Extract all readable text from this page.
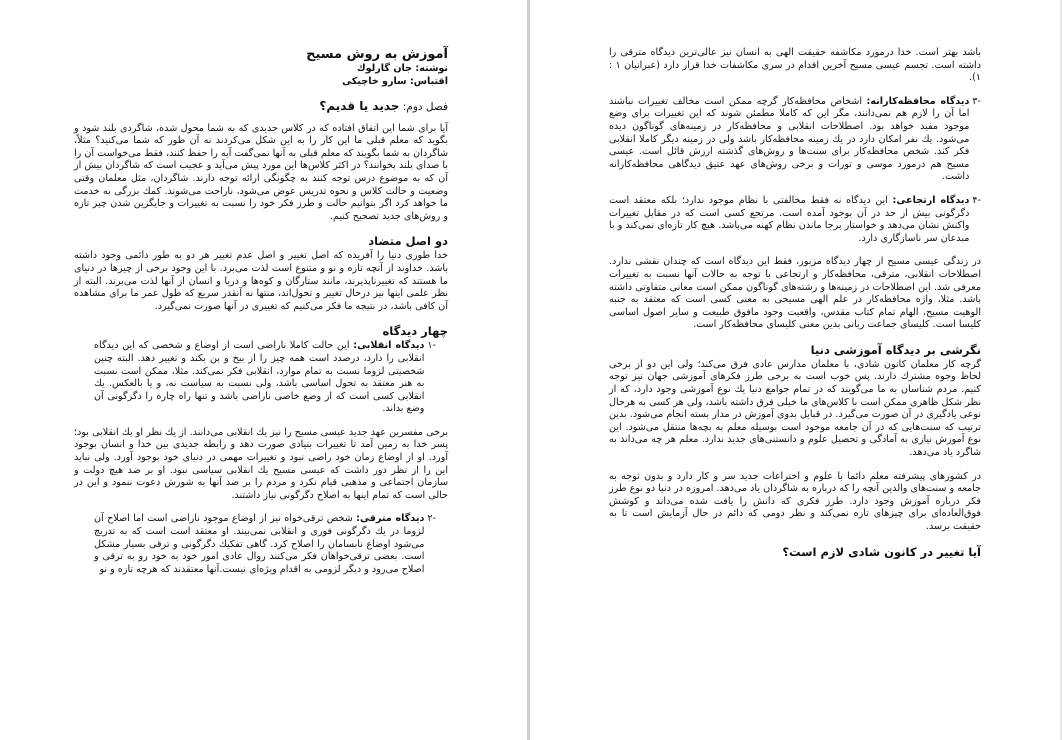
آموزش به روش مسیح
نوشته: جان گارلوك
اقتباس: سارو خاچیكی
فصل دوم: جدید یا قدیم؟

آیا برای شما این اتفاق افتاده كه در كلاس جدیدی كه به شما محول شده، شاگردی بلند شود و بگوید كه معلم قبلی ما این كار را به این شكل می‌كردند نه آن طور كه شما می‌كنید؟ مثلاً، شاگردان به شما بگویند كه معلم قبلی به آنها نمی‌گفت آیه را حفظ كنند، فقط می‌خواست آن را با صدای بلند بخوانند؟ در اكثر كلاس‌ها این مورد پیش می‌آید و عجیب است كه شاگردان بیش از آن كه به موضوع درس توجه كنند به چگونگی ارائه توجه دارند. شاگردان، مثل معلمان وقتی وضعیت و حالت كلاس و نحوه تدریس عوض می‌شود، ناراحت می‌شوند. كمك بزرگی به خدمت ما خواهد كرد اگر بتوانیم حالت و طرز فكر خود را نسبت به تغییرات و جایگزین شدن چیز تازه و روش‌های جدید تصحیح كنیم.

دو اصل متضاد

خدا طوری دنیا را آفریده كه اصل تغییر و اصل عدم تغییر هر دو به طور دائمی وجود داشته باشد. خداوند از آنچه تازه و نو و متنوع است لذت می‌برد. با این وجود برخی از چیزها در دنیای ما هستند كه تغییرناپذیرند، مانند ستارگان و كوه‌ها و دریا و انسان از آنها لذت می‌برند. البته از نظر علمی اینها نیز درحال تغییر و تحول‌اند، منتها نه آنقدر سریع كه طول عمر ما برای مشاهده آن كافی باشد، در نتیجه ما فكر می‌كنیم كه تغییری در آنها صورت نمی‌گیرد.

چهار دیدگاه
-۱
دیدگاه انقلابی: این حالت كاملا ناراضی است از اوضاع و شخصی كه این دیدگاه انقلابی را دارد، درصدد است همه چیز را از بیخ و بن بكند و تغییر دهد. البته چنین شخصیتی لزوما نسبت به تمام موارد، انقلابی فكر نمی‌كند. مثلا، ممكن است نسبت به هنر معتقد به تحول اساسی باشد، ولی نسبت به سیاست نه، و یا بالعكس. یك انقلابی كسی است كه از وضع خاصی ناراضی باشد و تنها راه چاره را دگرگونی آن وضع بداند.

برخی مفسرین عهد جدید عیسی مسیح را نیز یك انقلابی می‌دانند. از یك نظر او یك انقلابی بود؛ پسر خدا به زمین آمد تا تغییرات بنیادی صورت دهد و رابطه جدیدی بین خدا و انسان بوجود آورد. او از اوضاع زمان خود راضی نبود و تغییرات مهمی در دنیای خود بوجود آورد. ولی نباید این را از نظر دور داشت كه عیسی مسیح یك انقلابی سیاسی نبود. او بر ضد هیچ دولت و سازمان اجتماعی و مذهبی قیام نكرد و مردم را بر ضد آنها به شورش دعوت ننمود و این در حالی است كه تمام اینها به اصلاح دگرگونی نیاز داشتند.

-۲
دیدگاه مترقی: شخص ترقی‌خواه نیز از اوضاع موجود ناراضی است اما اصلاح آن لزوما در یك دگرگونی فوری و انقلابی نمی‌بیند. او معتقد است است كه به تدریج می‌شود اوضاع نابسامان را اصلاح كرد. گاهی تفكیك دگرگونی و ترقی بسیار مشكل است. بعضی ترقی‌خواهان فكر می‌كنند روال عادی امور خود به خود رو به ترقی و اصلاح می‌رود و دیگر لزومی به اقدام ویژه‌ای نیست.آنها معتقدند كه هرچه تازه و نو

باشد بهتر است. خدا درمورد مكاشفه حقیقت الهی به انسان نیز عالی‌ترین دیدگاه مترقی را داشته است. تجسم عیسی مسیح آخرین اقدام در سری مكاشفات خدا قرار دارد (عبرانیان ۱ : ۱).

-۳
دیدگاه محافظه‌كارانه: اشخاص محافظه‌كار گرچه ممكن است مخالف تغییرات نباشند اما آن را لازم هم نمی‌دانند، مگر این كه كاملا مطمئن شوند كه این تغییرات برای وضع موجود مفید خواهد بود. اصطلاحات انقلابی و محافظه‌كار در زمینه‌های گوناگون دیده می‌شود. یك نفر امكان دارد در یك زمینه محافظه‌كار باشد ولی در زمینه دیگر كاملا انقلابی فكر كند. شخص محافظه‌كار برای سنت‌ها و روش‌های گذشته ارزش قائل است. عیسی مسیح هم درمورد موسی و تورات و برخی روش‌های عهد عتیق دیدگاهی محافظه‌كارانه داشت.
-۴
دیدگاه ارتجاعی: این دیدگاه نه فقط مخالفتی با نظام موجود ندارد؛ بلكه معتقد است دگرگونی بیش از حد در آن بوجود آمده است. مرتجع كسی است كه در مقابل تغییرات واكنش نشان می‌دهد و خواستار برجا ماندن نظام كهنه می‌باشد. هیچ كار تازه‌ای نمی‌كند و با مبدعان سر ناسازگاری دارد.

در زندگی عیسی مسیح از چهار دیدگاه مزبور، فقط این دیدگاه است كه چندان نقشی ندارد. اصطلاحات انقلابی، مترقی، محافظه‌كار و ارتجاعی با توجه به حالات آنها نسبت به تغییرات معرفی شد. این اصطلاحات در زمینه‌ها و رشته‌های گوناگون ممكن است معانی متفاوتی داشته باشد. مثلا، واژه محافظه‌كار در علم الهی مسیحی به معنی كسی است كه معتقد به جنبه الوهیت مسیح، الهام تمام كتاب مقدس، واقعیت وجود مافوق طبیعت و سایر اصول اساسی كلیسا است. كلیسای جماعت ربانی بدین معنی كلیسای محافظه‌كار است.

نگرشی بر دیدگاه آموزشی دنیا

گرچه كار معلمان كانون شادی، با معلمان مدارس عادی فرق می‌كند؛ ولی این دو از برخی لحاظ وجوه مشترك دارند. پس خوب است به برخی طرز فكرهای آموزشی جهان نیز توجه كنیم. مردم شناسان به ما می‌گویند كه در تمام جوامع دنیا یك نوع آموزشی وجود دارد، كه از نظر شكل ظاهری ممكن است با كلاس‌های ما خیلی فرق داشته باشد، ولی هر كسی به هرحال نوعی یادگیری در آن صورت می‌گیرد. در قبایل بدوی آموزش در مدار بسته انجام می‌شود. بدین ترتیب كه سنت‌هایی كه در آن جامعه موجود است بوسیله معلم به بچه‌ها منتقل می‌شود. این نوع آموزش نیازی به آمادگی و تحصیل علوم و دانستنی‌های جدید ندارد. معلم هر چه می‌داند به شاگرد یاد می‌دهد.

در كشورهای پیشرفته معلم دائما با علوم و اختراعات جدید سر و كار دارد و بدون توجه به جامعه و سنت‌های والدین آنچه را كه درباره به شاگردان یاد می‌دهد. امروزه در دنیا دو نوع طرز فكر درباره آموزش وجود دارد. طرز فكری كه دانش را یافت شده می‌داند و كوشش فوق‌العاده‌ای برای چیزهای تازه نمی‌كند و نظر دومی كه دائم در حال آزمایش است تا به حقیقت برسد.

آیا تغییر در كانون شادی لازم است؟
